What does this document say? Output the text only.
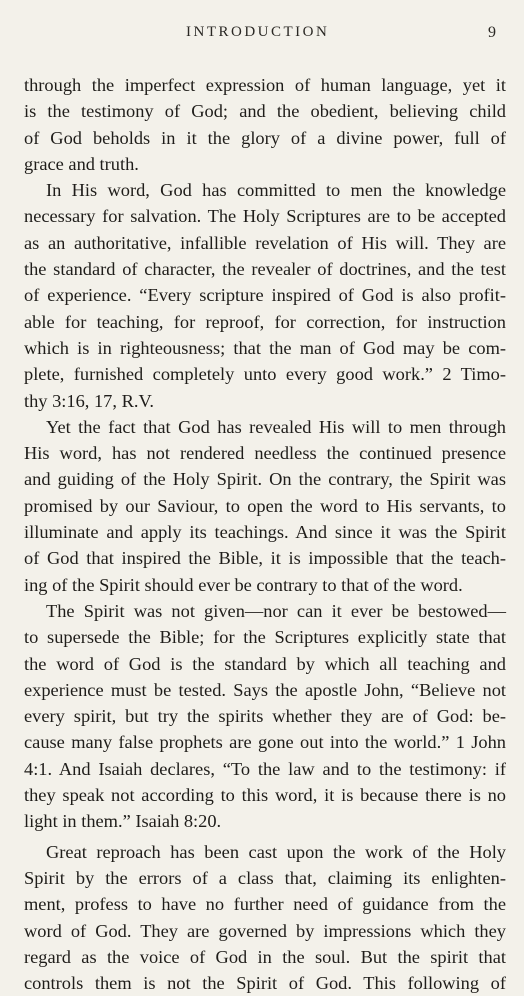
INTRODUCTION	9
through the imperfect expression of human language, yet it
is the testimony of God; and the obedient, believing child
of God beholds in it the glory of a divine power, full of
grace and truth.
In His word, God has committed to men the knowledge
necessary for salvation. The Holy Scriptures are to be accepted
as an authoritative, infallible revelation of His will. They are
the standard of character, the revealer of doctrines, and the test
of experience. “Every scripture inspired of God is also profit-
able for teaching, for reproof, for correction, for instruction
which is in righteousness; that the man of God may be com-
plete, furnished completely unto every good work.” 2 Timo-
thy 3:16, 17, R.V.
Yet the fact that God has revealed His will to men through
His word, has not rendered needless the continued presence
and guiding of the Holy Spirit. On the contrary, the Spirit was
promised by our Saviour, to open the word to His servants, to
illuminate and apply its teachings. And since it was the Spirit
of God that inspired the Bible, it is impossible that the teach-
ing of the Spirit should ever be contrary to that of the word.
The Spirit was not given—nor can it ever be bestowed—
to supersede the Bible; for the Scriptures explicitly state that
the word of God is the standard by which all teaching and
experience must be tested. Says the apostle John, “Believe not
every spirit, but try the spirits whether they are of God: be-
cause many false prophets are gone out into the world.” 1 John
4:1. And Isaiah declares, “To the law and to the testimony: if
they speak not according to this word, it is because there is no
light in them.” Isaiah 8:20.
Great reproach has been cast upon the work of the Holy
Spirit by the errors of a class that, claiming its enlighten-
ment, profess to have no further need of guidance from the
word of God. They are governed by impressions which they
regard as the voice of God in the soul. But the spirit that
controls them is not the Spirit of God. This following of
